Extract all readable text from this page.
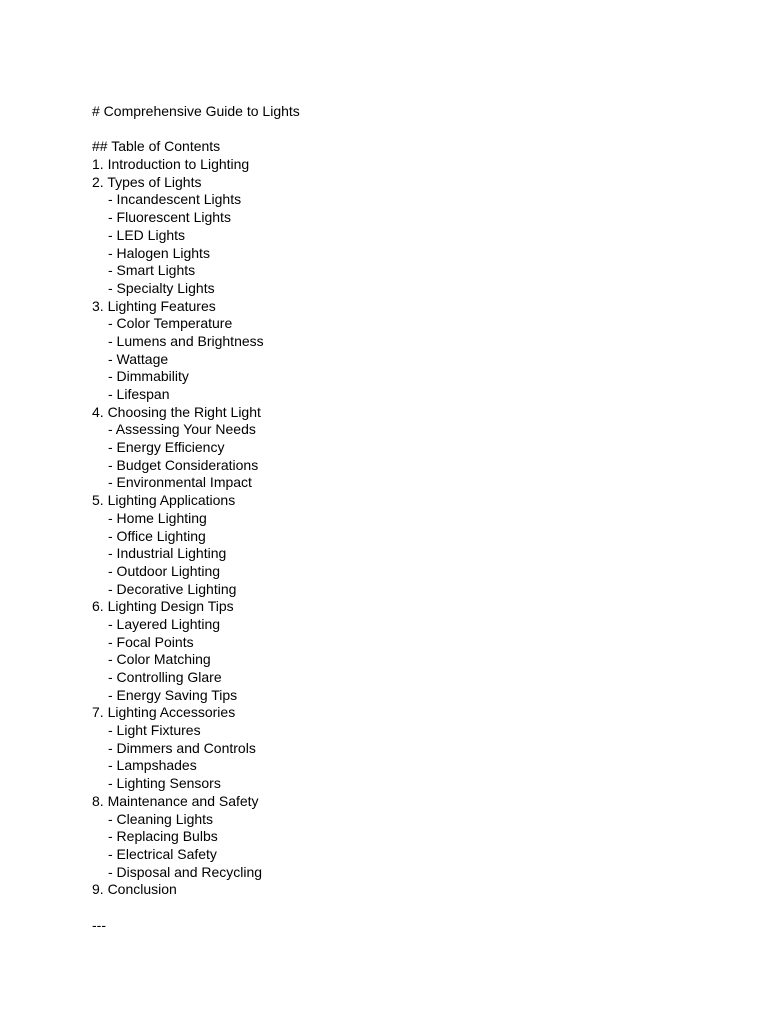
# Comprehensive Guide to Lights
## Table of Contents
1. Introduction to Lighting
2. Types of Lights
- Incandescent Lights
- Fluorescent Lights
- LED Lights
- Halogen Lights
- Smart Lights
- Specialty Lights
3. Lighting Features
- Color Temperature
- Lumens and Brightness
- Wattage
- Dimmability
- Lifespan
4. Choosing the Right Light
- Assessing Your Needs
- Energy Efficiency
- Budget Considerations
- Environmental Impact
5. Lighting Applications
- Home Lighting
- Office Lighting
- Industrial Lighting
- Outdoor Lighting
- Decorative Lighting
6. Lighting Design Tips
- Layered Lighting
- Focal Points
- Color Matching
- Controlling Glare
- Energy Saving Tips
7. Lighting Accessories
- Light Fixtures
- Dimmers and Controls
- Lampshades
- Lighting Sensors
8. Maintenance and Safety
- Cleaning Lights
- Replacing Bulbs
- Electrical Safety
- Disposal and Recycling
9. Conclusion
---
